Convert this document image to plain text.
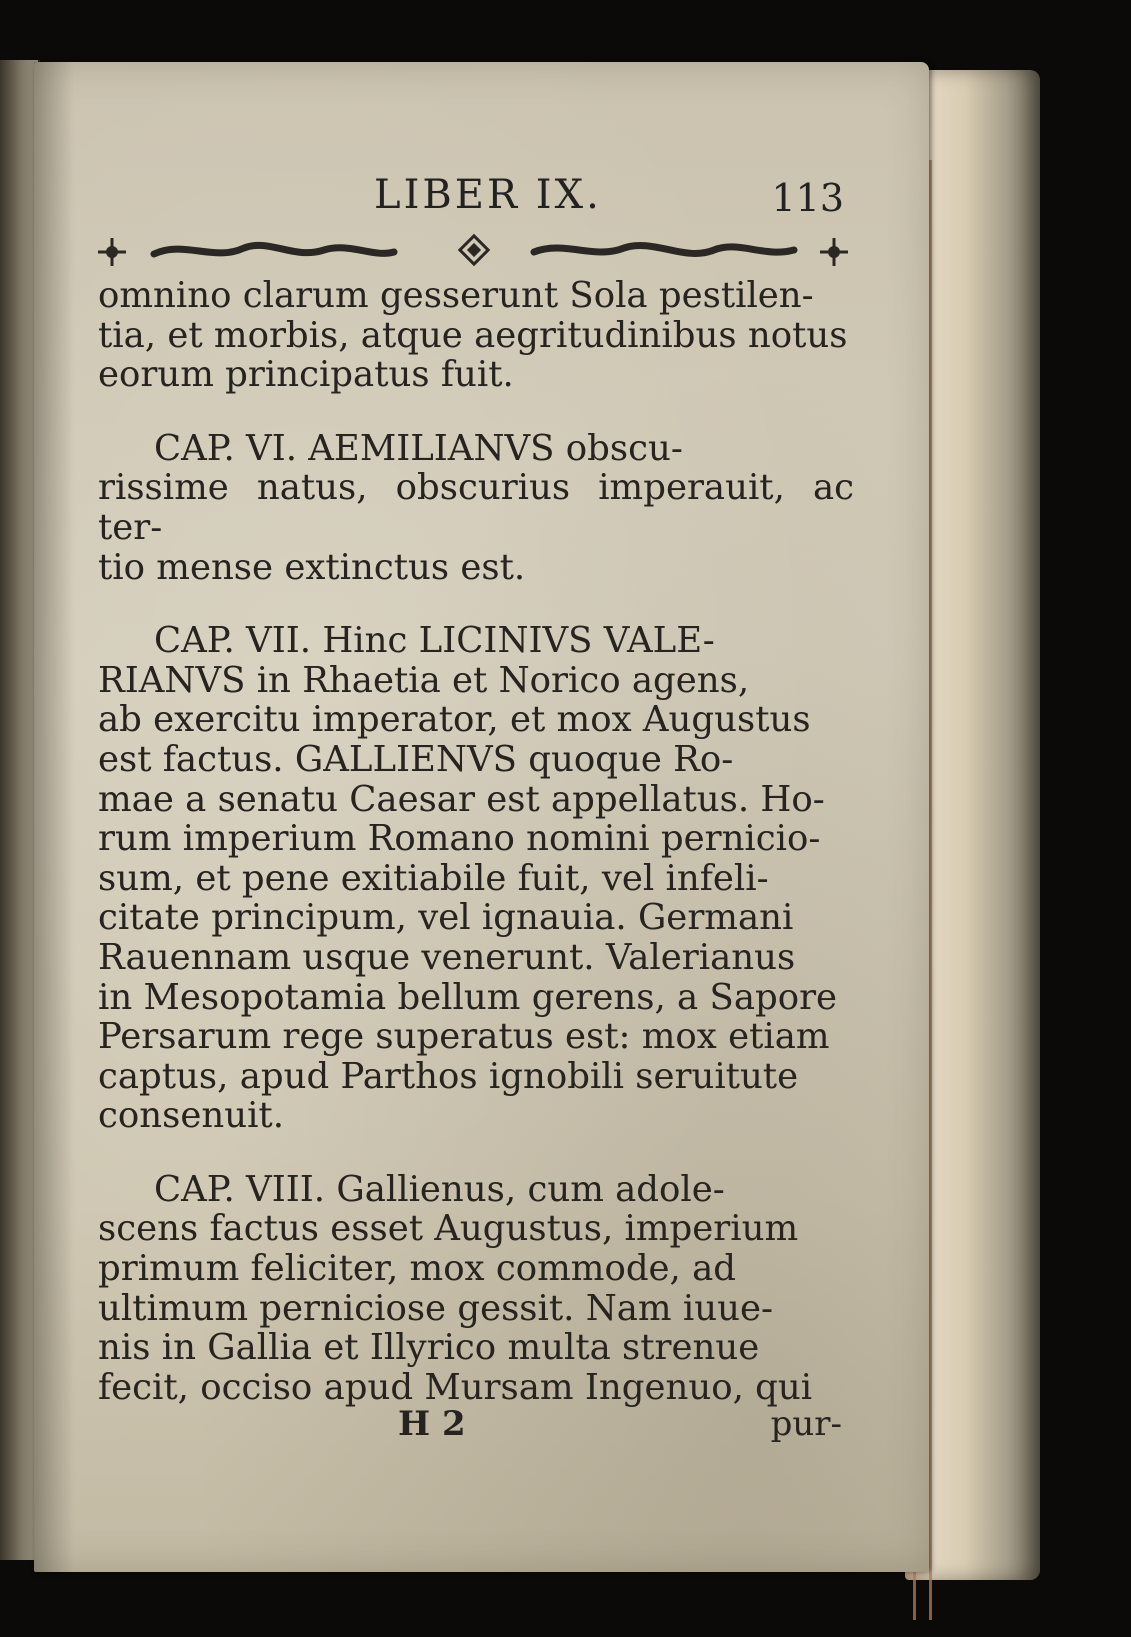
LIBER IX.	113

omnino clarum gesserunt Sola pestilen-
tia, et morbis, atque aegritudinibus notus
eorum principatus fuit.

CAP. VI. AEMILIANVS obscu-
rissime natus, obscurius imperauit, ac ter-
tio mense extinctus est.

CAP. VII. Hinc LICINIVS VALE-
RIANVS in Rhaetia et Norico agens,
ab exercitu imperator, et mox Augustus
est factus. GALLIENVS quoque Ro-
mae a senatu Caesar est appellatus. Ho-
rum imperium Romano nomini pernicio-
sum, et pene exitiabile fuit, vel infeli-
citate principum, vel ignauia. Germani
Rauennam usque venerunt. Valerianus
in Mesopotamia bellum gerens, a Sapore
Persarum rege superatus est: mox etiam
captus, apud Parthos ignobili seruitute
consenuit.

CAP. VIII. Gallienus, cum adole-
scens factus esset Augustus, imperium
primum feliciter, mox commode, ad
ultimum perniciose gessit. Nam iuue-
nis in Gallia et Illyrico multa strenue
fecit, occiso apud Mursam Ingenuo, qui

H 2	pur-
